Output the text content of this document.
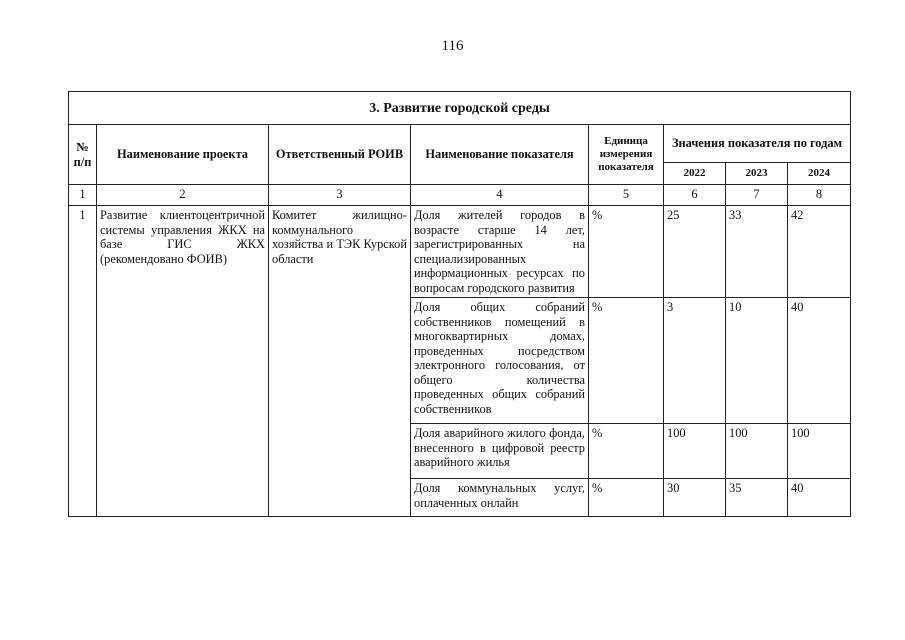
116
3. Развитие городской среды							
№ п/п	Наименование проекта	Ответственный РОИВ	Наименование показателя	Единица измерения показателя	Значения показателя по годам		
					2022	2023	2024
1	2	3	4	5	6	7	8
1	Развитие клиентоцентричной системы управления ЖКХ на базе ГИС ЖКХ (рекомендовано ФОИВ)	Комитет жилищно-коммунального хозяйства и ТЭК Курской области	Доля жителей городов в возрасте старше 14 лет, зарегистрированных на специализированных информационных ресурсах по вопросам городского развития	%	25	33	42
			Доля общих собраний собственников помещений в многоквартирных домах, проведенных посредством электронного голосования, от общего количества проведенных общих собраний собственников	%	3	10	40
			Доля аварийного жилого фонда, внесенного в цифровой реестр аварийного жилья	%	100	100	100
			Доля коммунальных услуг, оплаченных онлайн	%	30	35	40
